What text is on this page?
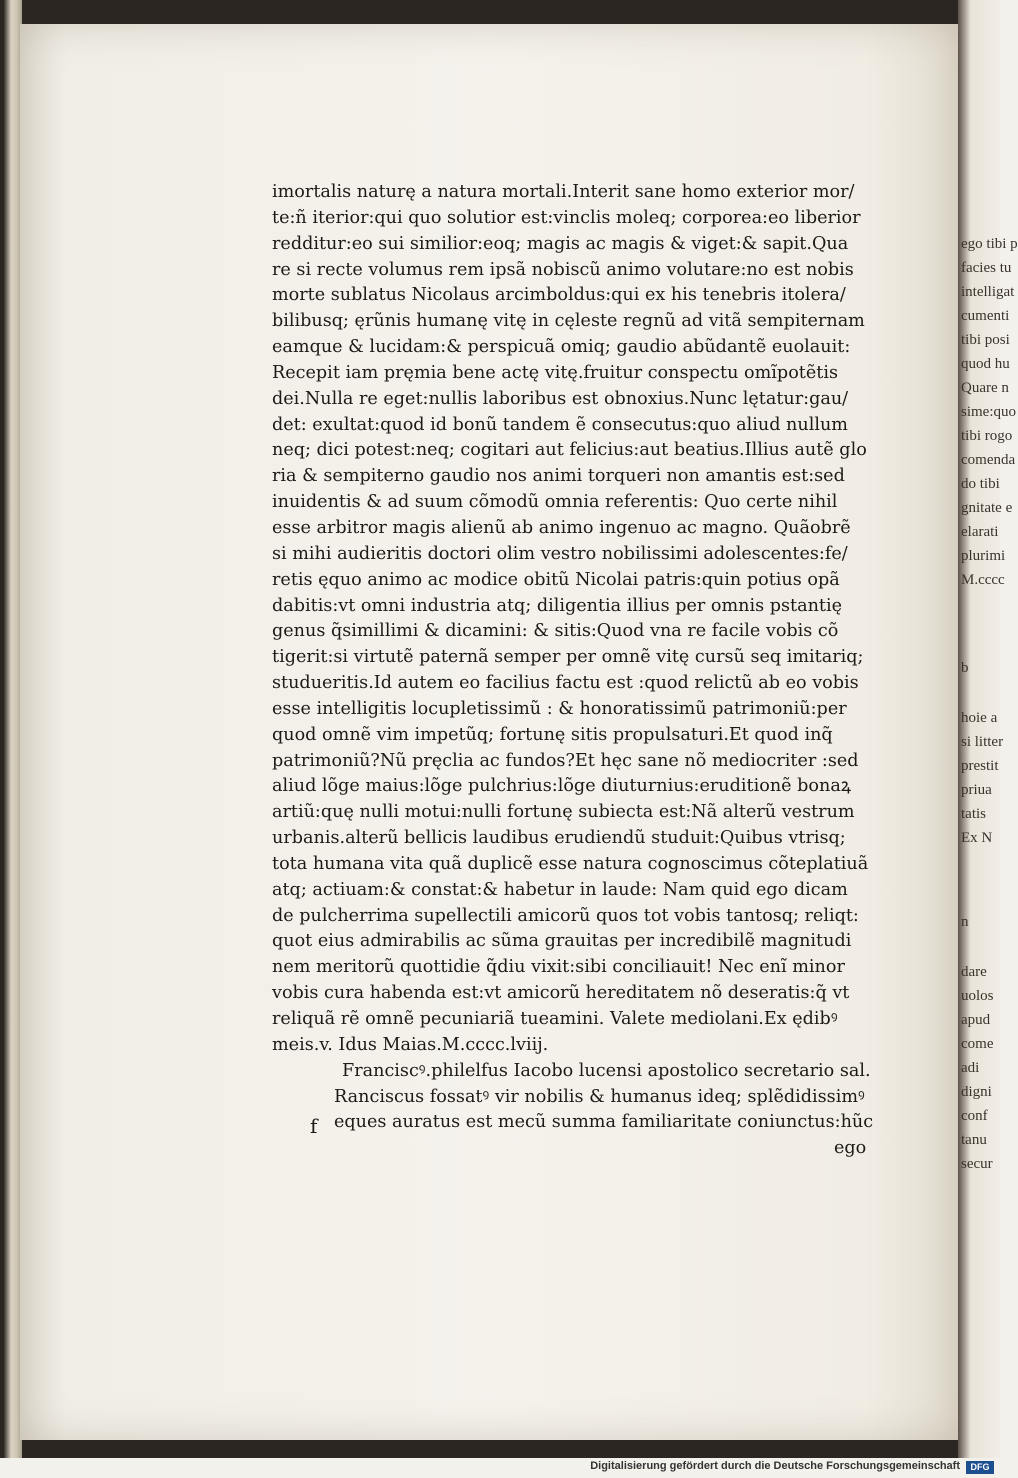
imortalis naturę a natura mortali.Interit sane homo exterior mor/
te:ñ iterior:qui quo solutior est:vinclis moleq; corporea:eo liberior
redditur:eo sui similior:eoq; magis ac magis & viget:& sapit.Qua
re si recte volumus rem ipsã nobiscũ animo volutare:no est nobis
morte sublatus Nicolaus arcimboldus:qui ex his tenebris itolera/
bilibusq; ęrũnis humanę vitę in cęleste regnũ ad vitã sempiternam
eamque & lucidam:& perspicuã omiq; gaudio abũdantẽ euolauit:
Recepit iam pręmia bene actę vitę.fruitur conspectu omĩpotẽtis
dei.Nulla re eget:nullis laboribus est obnoxius.Nunc lętatur:gau/
det: exultat:quod id bonũ tandem ẽ consecutus:quo aliud nullum
neq; dici potest:neq; cogitari aut felicius:aut beatius.Illius autẽ glo
ria & sempiterno gaudio nos animi torqueri non amantis est:sed
inuidentis & ad suum cõmodũ omnia referentis: Quo certe nihil
esse arbitror magis alienũ ab animo ingenuo ac magno. Quãobrẽ
si mihi audieritis doctori olim vestro nobilissimi adolescentes:fe/
retis ęquo animo ac modice obitũ Nicolai patris:quin potius opã
dabitis:vt omni industria atq; diligentia illius per omnis pstantię
genus q̃simillimi & dicamini: & sitis:Quod vna re facile vobis cõ
tigerit:si virtutẽ paternã semper per omnẽ vitę cursũ seq imitariq;
studueritis.Id autem eo facilius factu est :quod relictũ ab eo vobis
esse intelligitis locupletissimũ : & honoratissimũ patrimoniũ:per
quod omnẽ vim impetũq; fortunę sitis propulsaturi.Et quod inq̃
patrimoniũ?Nũ pręclia ac fundos?Et hęc sane nõ mediocriter :sed
aliud lõge maius:lõge pulchrius:lõge diuturnius:eruditionẽ bonaꝝ
artiũ:quę nulli motui:nulli fortunę subiecta est:Nã alterũ vestrum
urbanis.alterũ bellicis laudibus erudiendũ studuit:Quibus vtrisq;
tota humana vita quã duplicẽ esse natura cognoscimus cõteplatiuã
atq; actiuam:& constat:& habetur in laude: Nam quid ego dicam
de pulcherrima supellectili amicorũ quos tot vobis tantosq; reliqt:
quot eius admirabilis ac sũma grauitas per incredibilẽ magnitudi
nem meritorũ quottidie q̃diu vixit:sibi conciliauit! Nec enĩ minor
vobis cura habenda est:vt amicorũ hereditatem nõ deseratis:q̃ vt
reliquã rẽ omnẽ pecuniariã tueamini. Valete mediolani.Ex ędibꝰ
meis.v. Idus Maias.M.cccc.lviij.
Franciscꝰ.philelfus Iacobo lucensi apostolico secretario sal.
Ranciscus fossatꝰ vir nobilis & humanus ideq; splẽdidissimꝰ
eques auratus est mecũ summa familiaritate coniunctus:hũc
ego
f
ego tibi p
facies tu
intelligat
cumenti
tibi posi
quod hu
Quare n
sime:quo
tibi rogo
comenda
do tibi
gnitate e
elarati
plurimi
M.cccc
b
hoie a
si litter
prestit
priua
tatis
Ex N
n
dare
uolos
apud
come
adi
digni
conf
tanu
secur
Digitalisierung gefördert durch die Deutsche Forschungsgemeinschaft	DFG
